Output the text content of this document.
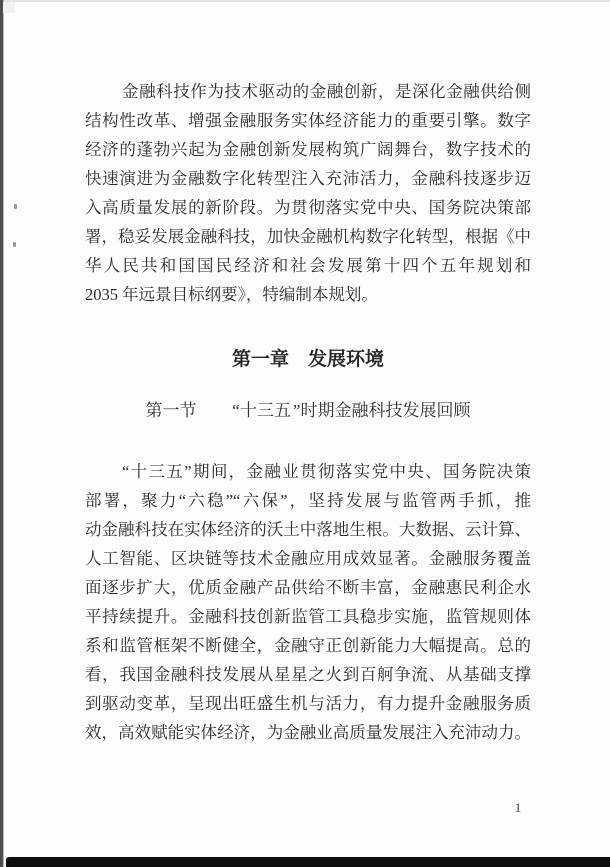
金融科技作为技术驱动的金融创新，是深化金融供给侧
结构性改革、增强金融服务实体经济能力的重要引擎。数字
经济的蓬勃兴起为金融创新发展构筑广阔舞台，数字技术的
快速演进为金融数字化转型注入充沛活力，金融科技逐步迈
入高质量发展的新阶段。为贯彻落实党中央、国务院决策部
署，稳妥发展金融科技，加快金融机构数字化转型，根据《中
华人民共和国国民经济和社会发展第十四个五年规划和
2035 年远景目标纲要》，特编制本规划。
第一章　发展环境
第一节　　“十三五”时期金融科技发展回顾
“十三五”期间，金融业贯彻落实党中央、国务院决策
部署，聚力“六稳”“六保”，坚持发展与监管两手抓，推
动金融科技在实体经济的沃土中落地生根。大数据、云计算、
人工智能、区块链等技术金融应用成效显著。金融服务覆盖
面逐步扩大，优质金融产品供给不断丰富，金融惠民利企水
平持续提升。金融科技创新监管工具稳步实施，监管规则体
系和监管框架不断健全，金融守正创新能力大幅提高。总的
看，我国金融科技发展从星星之火到百舸争流、从基础支撑
到驱动变革，呈现出旺盛生机与活力，有力提升金融服务质
效，高效赋能实体经济，为金融业高质量发展注入充沛动力。
1
